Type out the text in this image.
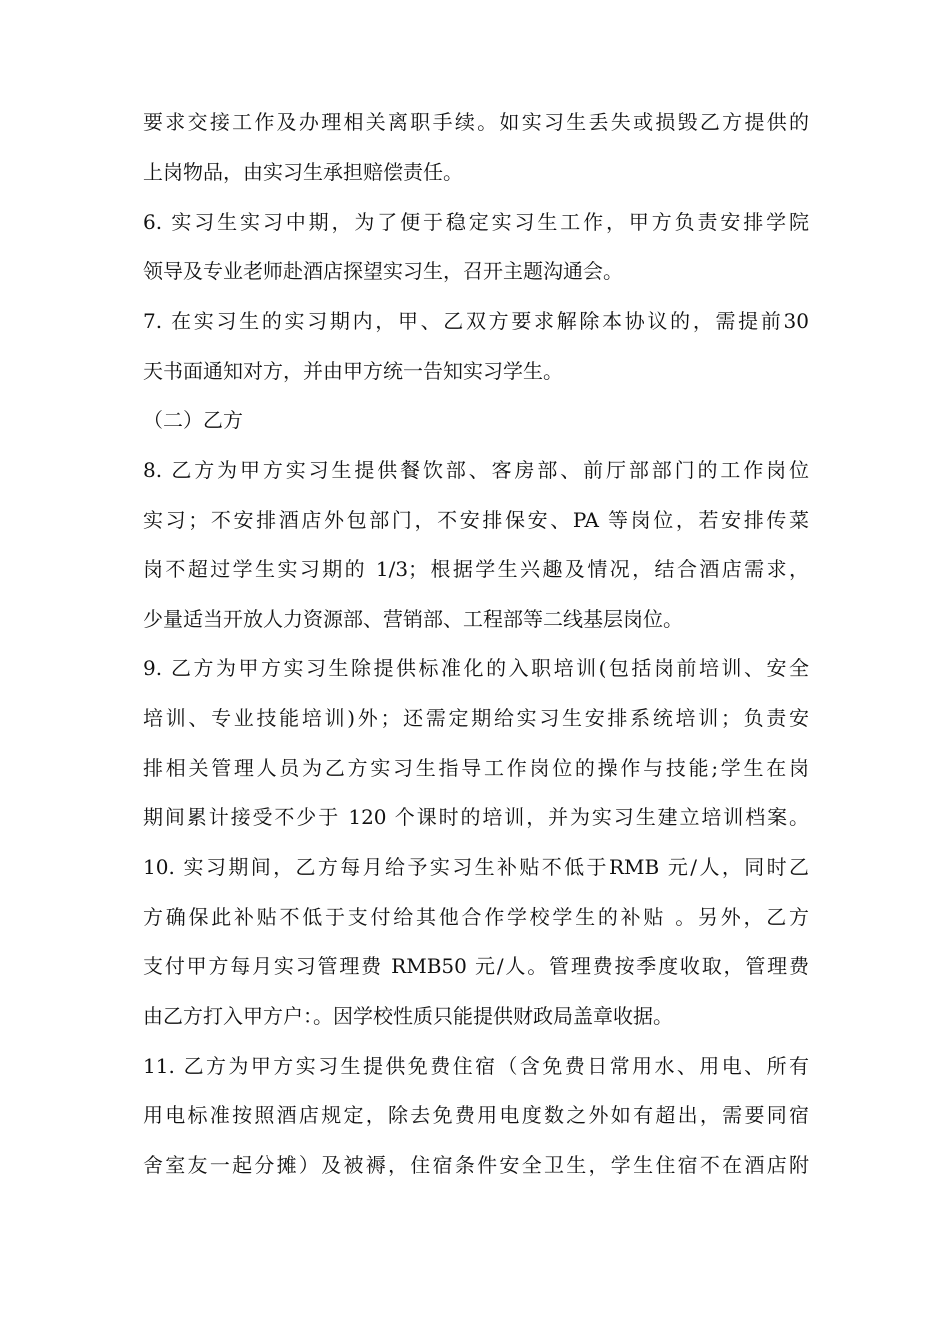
要求交接工作及办理相关离职手续。如实习生丢失或损毁乙方提供的
上岗物品，由实习生承担赔偿责任。
6. 实习生实习中期，为了便于稳定实习生工作，甲方负责安排学院
领导及专业老师赴酒店探望实习生，召开主题沟通会。
7. 在实习生的实习期内，甲、乙双方要求解除本协议的，需提前30
天书面通知对方，并由甲方统一告知实习学生。
（二）乙方
8. 乙方为甲方实习生提供餐饮部、客房部、前厅部部门的工作岗位
实习；不安排酒店外包部门，不安排保安、PA 等岗位，若安排传菜
岗不超过学生实习期的 1/3；根据学生兴趣及情况，结合酒店需求，
少量适当开放人力资源部、营销部、工程部等二线基层岗位。
9. 乙方为甲方实习生除提供标准化的入职培训(包括岗前培训、安全
培训、专业技能培训)外；还需定期给实习生安排系统培训；负责安
排相关管理人员为乙方实习生指导工作岗位的操作与技能;学生在岗
期间累计接受不少于 120 个课时的培训，并为实习生建立培训档案。
10. 实习期间，乙方每月给予实习生补贴不低于RMB 元/人，同时乙
方确保此补贴不低于支付给其他合作学校学生的补贴 。另外，乙方
支付甲方每月实习管理费 RMB50 元/人。管理费按季度收取，管理费
由乙方打入甲方户：。因学校性质只能提供财政局盖章收据。
11. 乙方为甲方实习生提供免费住宿（含免费日常用水、用电、所有
用电标准按照酒店规定，除去免费用电度数之外如有超出，需要同宿
舍室友一起分摊）及被褥，住宿条件安全卫生，学生住宿不在酒店附
